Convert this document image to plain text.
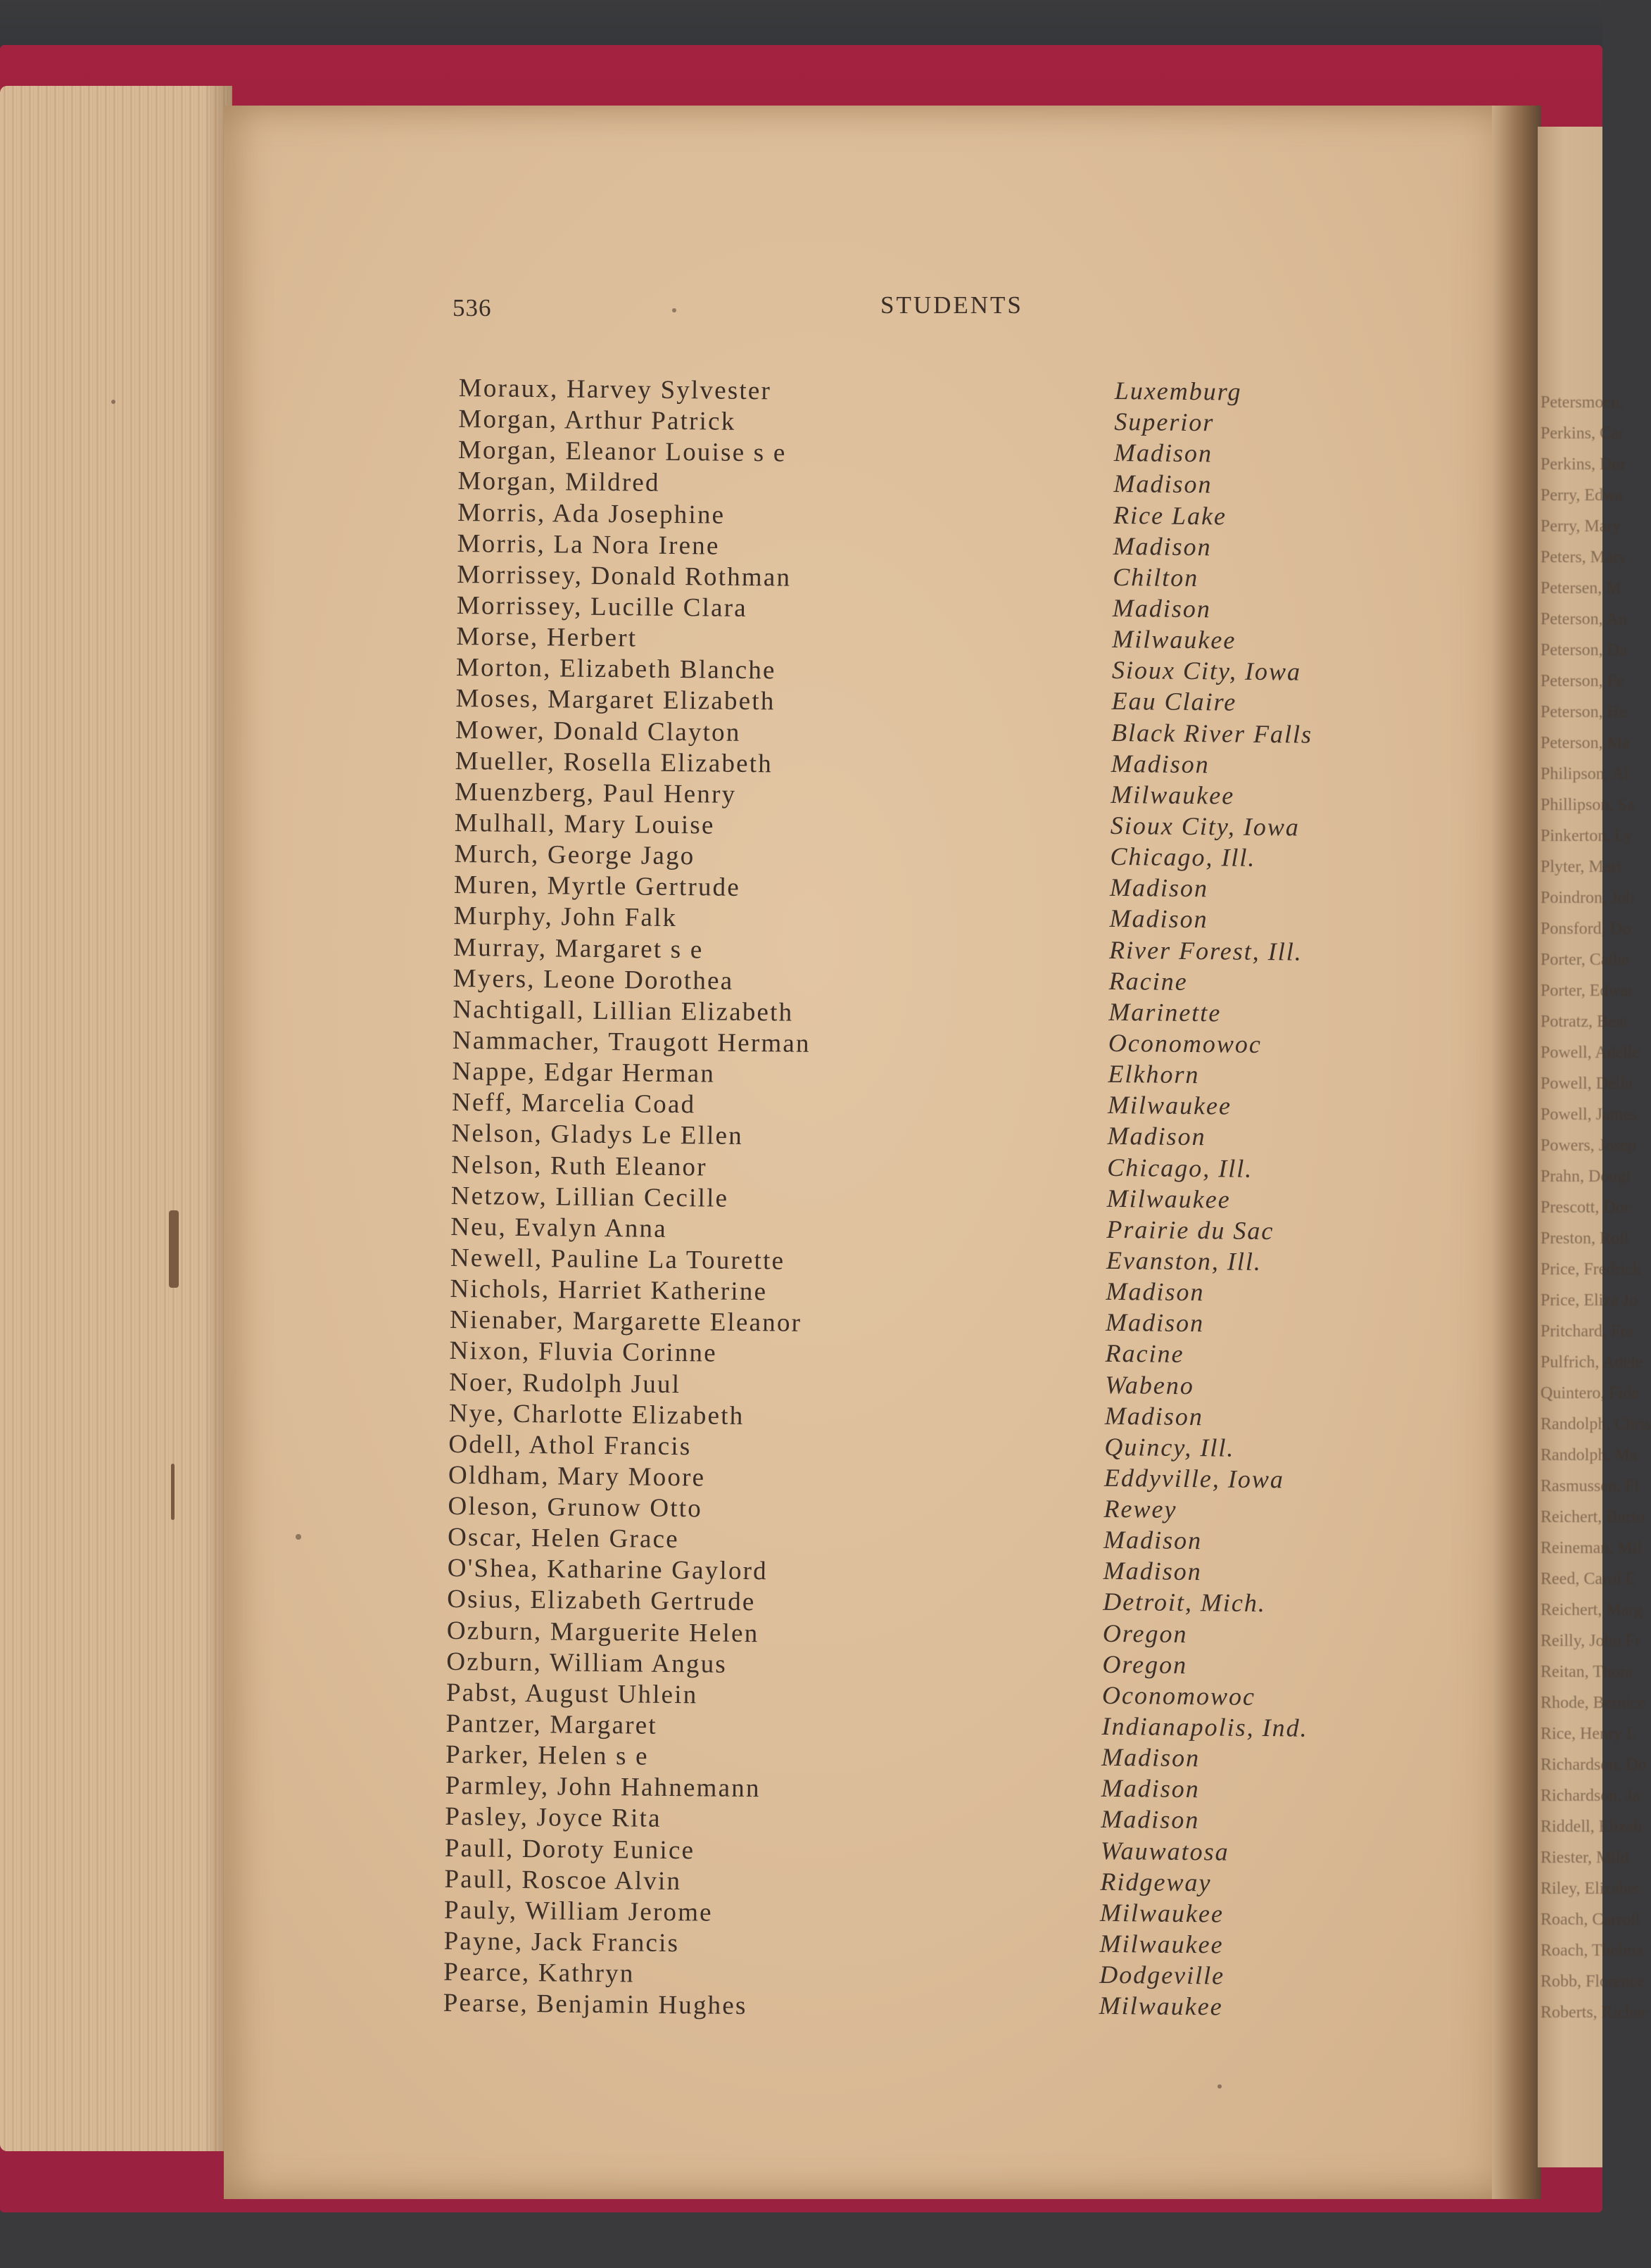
Petersmoen,
Perkins, Car
Perkins, Dor
Perry, Edwa
Perry, Mary
Peters, Mary
Petersen, M
Peterson, An
Peterson, Da
Peterson, Fe
Peterson, He
Peterson, Ma
Philipson, Al
Phillipson, Sa
Pinkerton, Ly
Plyter, Mari
Poindron, Joh
Ponsford, Do
Porter, Cathe
Porter, Edwar
Potratz, Beat
Powell, Adelle
Powell, Della
Powell, James
Powers, Josep
Prahn, Dougl
Prescott, Dor
Preston, Roll
Price, Fredrick
Price, Eliza Jo
Pritchard, Fra
Pulfrich, Adele
Quintero, Fide
Randolph, Chris
Randolph, Ma
Rasmussen, Fl
Reichert, Burto
Reineman, Mil
Reed, Carol E
Reichert, Marg
Reilly, John Fr
Reitan, Thora
Rhode, Bernice
Rice, Henry L
Richardson, Do
Richardson, Ja
Riddell, Elizab
Riester, Mild
Riley, Elizabet
Roach, Carroll
Roach, Thelma
Robb, Florence
Roberts, Richar
536	STUDENTS
Moraux, Harvey Sylvester	Luxemburg
Morgan, Arthur Patrick	Superior
Morgan, Eleanor Louise s e	Madison
Morgan, Mildred	Madison
Morris, Ada Josephine	Rice Lake
Morris, La Nora Irene	Madison
Morrissey, Donald Rothman	Chilton
Morrissey, Lucille Clara	Madison
Morse, Herbert	Milwaukee
Morton, Elizabeth Blanche	Sioux City, Iowa
Moses, Margaret Elizabeth	Eau Claire
Mower, Donald Clayton	Black River Falls
Mueller, Rosella Elizabeth	Madison
Muenzberg, Paul Henry	Milwaukee
Mulhall, Mary Louise	Sioux City, Iowa
Murch, George Jago	Chicago, Ill.
Muren, Myrtle Gertrude	Madison
Murphy, John Falk	Madison
Murray, Margaret s e	River Forest, Ill.
Myers, Leone Dorothea	Racine
Nachtigall, Lillian Elizabeth	Marinette
Nammacher, Traugott Herman	Oconomowoc
Nappe, Edgar Herman	Elkhorn
Neff, Marcelia Coad	Milwaukee
Nelson, Gladys Le Ellen	Madison
Nelson, Ruth Eleanor	Chicago, Ill.
Netzow, Lillian Cecille	Milwaukee
Neu, Evalyn Anna	Prairie du Sac
Newell, Pauline La Tourette	Evanston, Ill.
Nichols, Harriet Katherine	Madison
Nienaber, Margarette Eleanor	Madison
Nixon, Fluvia Corinne	Racine
Noer, Rudolph Juul	Wabeno
Nye, Charlotte Elizabeth	Madison
Odell, Athol Francis	Quincy, Ill.
Oldham, Mary Moore	Eddyville, Iowa
Oleson, Grunow Otto	Rewey
Oscar, Helen Grace	Madison
O'Shea, Katharine Gaylord	Madison
Osius, Elizabeth Gertrude	Detroit, Mich.
Ozburn, Marguerite Helen	Oregon
Ozburn, William Angus	Oregon
Pabst, August Uhlein	Oconomowoc
Pantzer, Margaret	Indianapolis, Ind.
Parker, Helen s e	Madison
Parmley, John Hahnemann	Madison
Pasley, Joyce Rita	Madison
Paull, Doroty Eunice	Wauwatosa
Paull, Roscoe Alvin	Ridgeway
Pauly, William Jerome	Milwaukee
Payne, Jack Francis	Milwaukee
Pearce, Kathryn	Dodgeville
Pearse, Benjamin Hughes	Milwaukee
